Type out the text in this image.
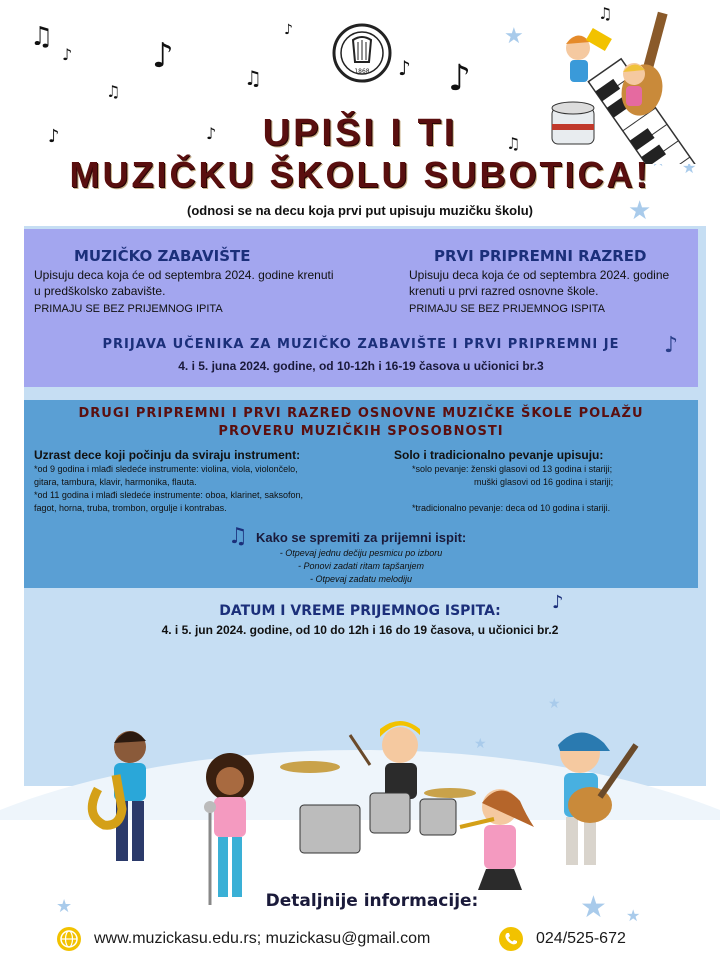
♫
♪ ♪
♫
♫
♪
♪
♪
♪ ♪
♫
♫
★
★
★
1868
UPIŠI I TI
MUZIČKU ŠKOLU SUBOTICA!
(odnosi se na decu koja prvi put upisuju muzičku školu)
MUZIČKO ZABAVIŠTE
Upisuju deca koja će od septembra 2024. godine krenuti u predškolsko zabavište.
PRIMAJU SE BEZ PRIJEMNOG IPITA
PRVI PRIPREMNI RAZRED
Upisuju deca koja će od septembra 2024. godine krenuti u prvi razred osnovne škole.
PRIMAJU SE BEZ PRIJEMNOG ISPITA
PRIJAVA UČENIKA ZA MUZIČKO ZABAVIŠTE I PRVI PRIPREMNI JE
4. i 5. juna 2024. godine, od 10-12h i 16-19 časova u učionici br.3
♪
DRUGI PRIPREMNI I PRVI RAZRED OSNOVNE MUZIČKE ŠKOLE POLAŽU
PROVERU MUZIČKIH SPOSOBNOSTI
Uzrast dece koji počinju da sviraju instrument:
*od 9 godina i mlađi sledeće instrumente: violina, viola, violončelo,
gitara, tambura, klavir, harmonika, flauta.
*od 11 godina i mlađi sledeće instrumente: oboa, klarinet, saksofon,
fagot, horna, truba, trombon, orgulje i kontrabas.
Solo i tradicionalno pevanje upisuju:
*solo pevanje: ženski glasovi od 13 godina i stariji;
muški glasovi od 16 godina i stariji;
*tradicionalno pevanje: deca od 10 godina i stariji.
♫ Kako se spremiti za prijemni ispit:
- Otpevaj jednu dečiju pesmicu po izboru
- Ponovi zadati ritam tapšanjem
- Otpevaj zadatu melodiju
DATUM I VREME PRIJEMNOG ISPITA:
4. i 5. jun 2024. godine, od 10 do 12h i 16 do 19 časova, u učionici br.2
♪
★
★
★	★ ★
Detaljnije informacije:
www.muzickasu.edu.rs; muzickasu@gmail.com	024/525-672
